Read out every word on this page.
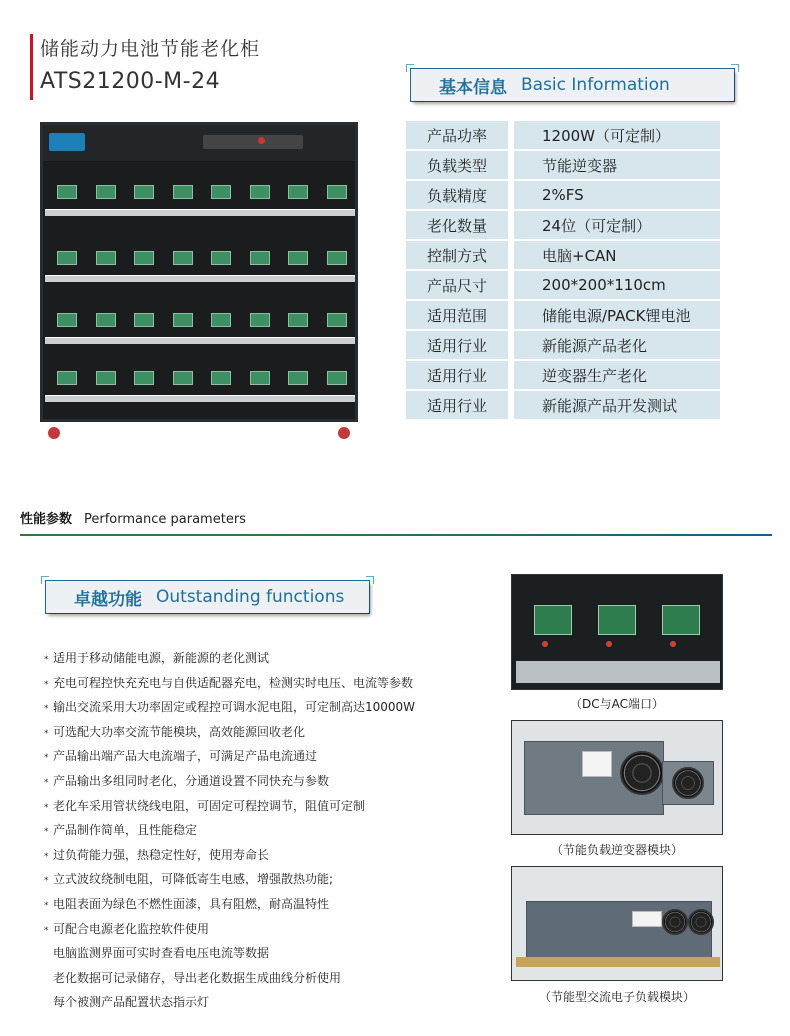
储能动力电池节能老化柜
ATS21200-M-24	基本信息 Basic Information
产品功率		1200W（可定制）
负载类型		节能逆变器
负载精度		2%FS
老化数量		24位（可定制）
控制方式		电脑+CAN
产品尺寸		200*200*110cm
适用范围		储能电源/PACK锂电池
适用行业		新能源产品老化
适用行业		逆变器生产老化
适用行业		新能源产品开发测试
性能参数 Performance parameters
卓越功能 Outstanding functions
* 适用于移动储能电源，新能源的老化测试
* 充电可程控快充充电与自供适配器充电，检测实时电压、电流等参数
* 输出交流采用大功率固定或程控可调水泥电阻，可定制高达10000W
* 可选配大功率交流节能模块，高效能源回收老化
* 产品输出端产品大电流端子，可满足产品电流通过
* 产品输出多组同时老化，分通道设置不同快充与参数
* 老化车采用管状绕线电阻，可固定可程控调节，阻值可定制
* 产品制作简单，且性能稳定
* 过负荷能力强，热稳定性好，使用寿命长
* 立式波纹绕制电阻，可降低寄生电感，增强散热功能;
* 电阻表面为绿色不燃性面漆，具有阻燃，耐高温特性
* 可配合电源老化监控软件使用
电脑监测界面可实时查看电压电流等数据
老化数据可记录储存，导出老化数据生成曲线分析使用
每个被测产品配置状态指示灯
（DC与AC端口）
（节能负载逆变器模块）
（节能型交流电子负载模块）
